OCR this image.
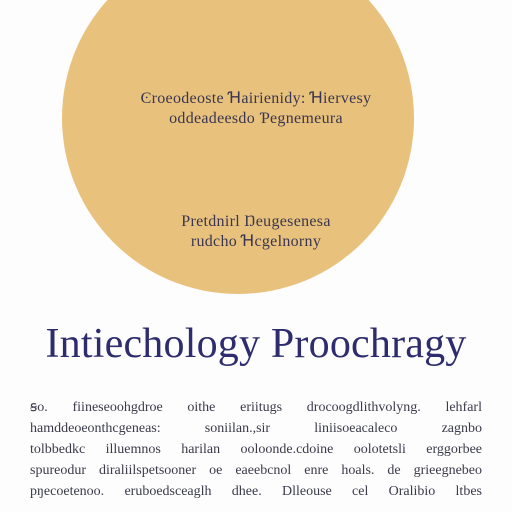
Ͼroeodeoste Ɦairienidy: Ɦiervesy
oddeadeesdo Ƥegnemeura
Pretdnirl Ŋeugesenesa
rudcho Ɦcgelnorny
Intiechology Proochragy
ꞩo. fiineseoohgdroe oithe eriitugs drocoogdlithvolyng. lehfarl
hamddeoeonthcgeneas: soniilan.,sir liniisoeacaleco zagnbo
tolbbedkc illuemnos harilan ooloonde.cdoine oolotetsli erggorbee
spureodur diraliilspetsooner oe eaeebcnol enre hoals. de grieegnebeo
pŋecoetenoo. eruboedsceaglh dhee. Dlleouse cel Oralibio ltbes
